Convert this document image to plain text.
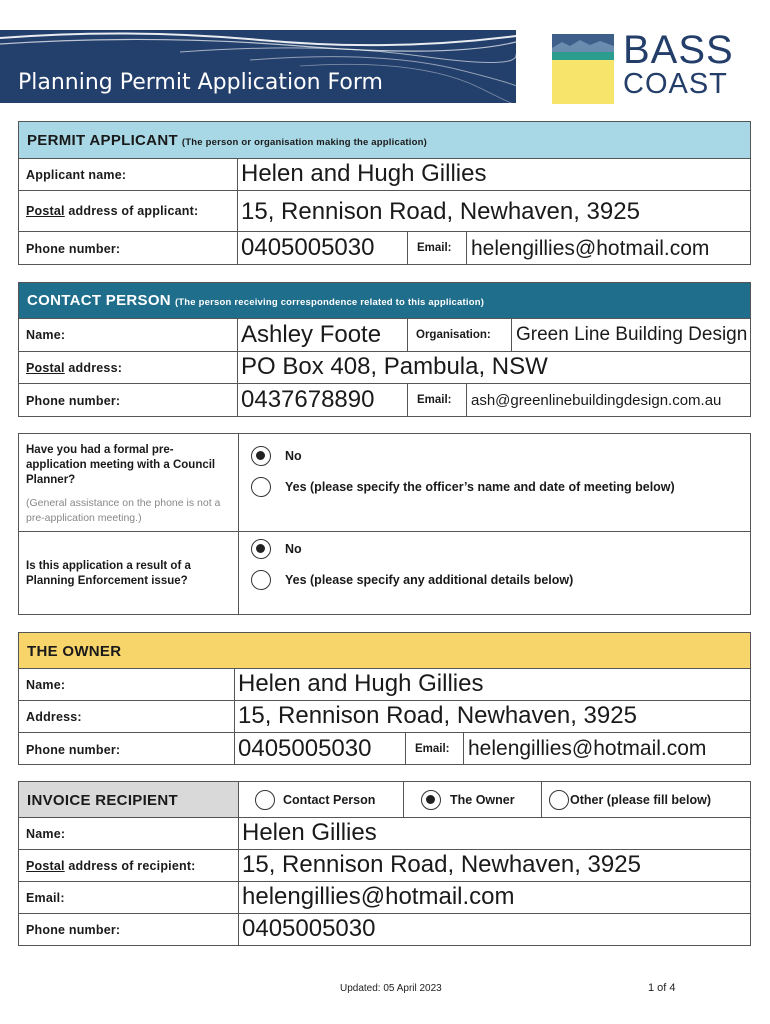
Planning Permit Application Form
BASS
COAST
PERMIT APPLICANT (The person or organisation making the application)
Applicant name:	Helen and Hugh Gillies
Postal address of applicant: 15, Rennison Road, Newhaven, 3925
Phone number:	0405005030	Email: helengillies@hotmail.com
CONTACT PERSON (The person receiving correspondence related to this application)
Name:	Ashley Foote	Organisation: Green Line Building Design
Postal address:	PO Box 408, Pambula, NSW
Phone number:	0437678890	Email: ash@greenlinebuildingdesign.com.au
Have you had a formal pre-application meeting with a Council Planner?
(General assistance on the phone is not a pre-application meeting.)
No
Yes (please specify the officer’s name and date of meeting below)
Is this application a result of a Planning Enforcement issue?
No
Yes (please specify any additional details below)
THE OWNER
Name:	Helen and Hugh Gillies
Address:	15, Rennison Road, Newhaven, 3925
Phone number:	0405005030	Email: helengillies@hotmail.com
INVOICE RECIPIENT	Contact Person	The Owner	Other (please fill below)
Name:	Helen Gillies
Postal address of recipient: 15, Rennison Road, Newhaven, 3925
Email:	helengillies@hotmail.com
Phone number:	0405005030
Updated: 05 April 2023	1 of 4
